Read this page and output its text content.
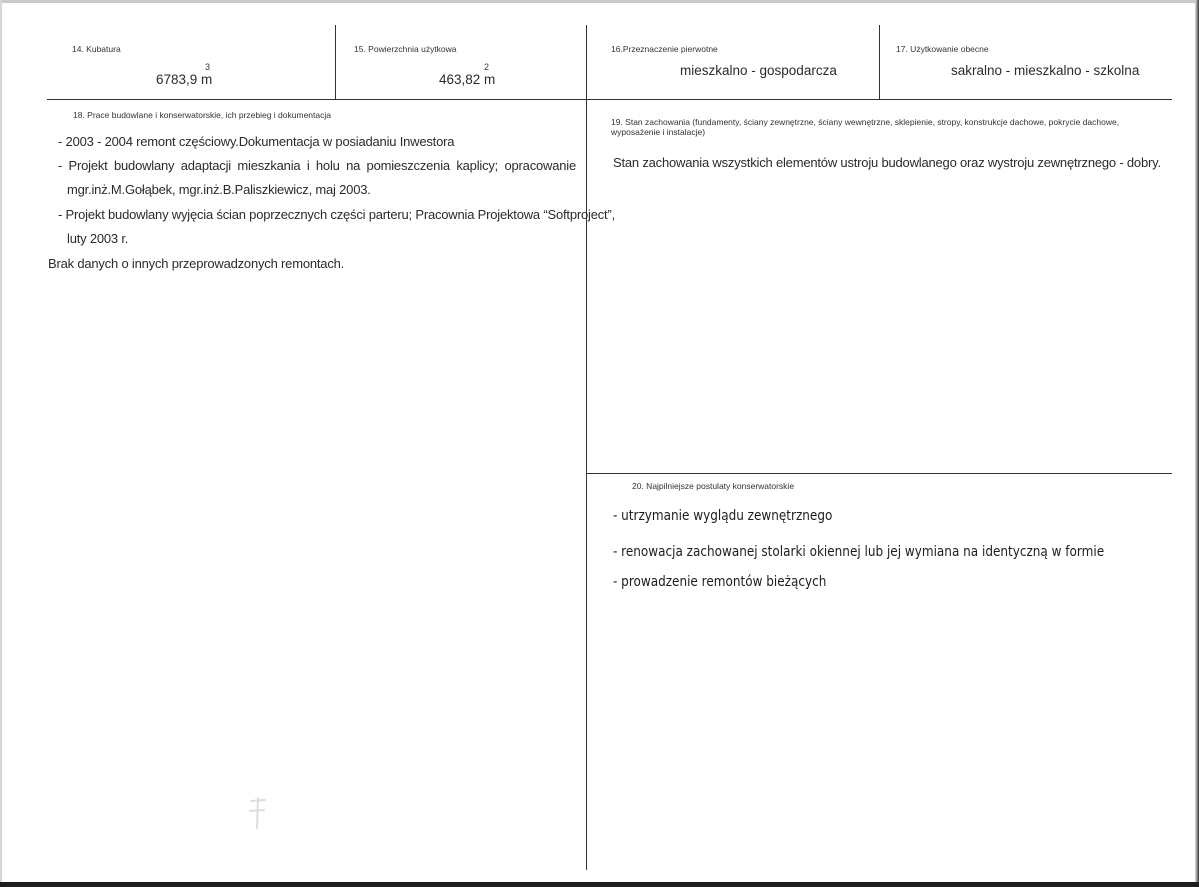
14. Kubatura
3
6783,9 m
15. Powierzchnia użytkowa
2
463,82 m
16.Przeznaczenie pierwotne
mieszkalno - gospodarcza
17. Użytkowanie obecne
sakralno - mieszkalno - szkolna
18. Prace budowlane i konserwatorskie, ich przebieg i dokumentacja
- 2003 - 2004 remont częściowy.Dokumentacja w posiadaniu Inwestora
- Projekt budowlany adaptacji mieszkania i holu na pomieszczenia kaplicy; opracowanie
mgr.inż.M.Gołąbek, mgr.inż.B.Paliszkiewicz, maj 2003.
- Projekt budowlany wyjęcia ścian poprzecznych części parteru; Pracownia Projektowa “Softproject”,
luty 2003 r.
Brak danych o innych przeprowadzonych remontach.
19. Stan zachowania (fundamenty, ściany zewnętrzne, ściany wewnętrzne, sklepienie, stropy, konstrukcje dachowe, pokrycie dachowe,
wyposażenie i instalacje)
Stan zachowania wszystkich elementów ustroju budowlanego oraz wystroju zewnętrznego - dobry.
20. Najpilniejsze postulaty konserwatorskie
- utrzymanie wyglądu zewnętrznego
- renowacja zachowanej stolarki okiennej lub jej wymiana na identyczną w formie
- prowadzenie remontów bieżących
